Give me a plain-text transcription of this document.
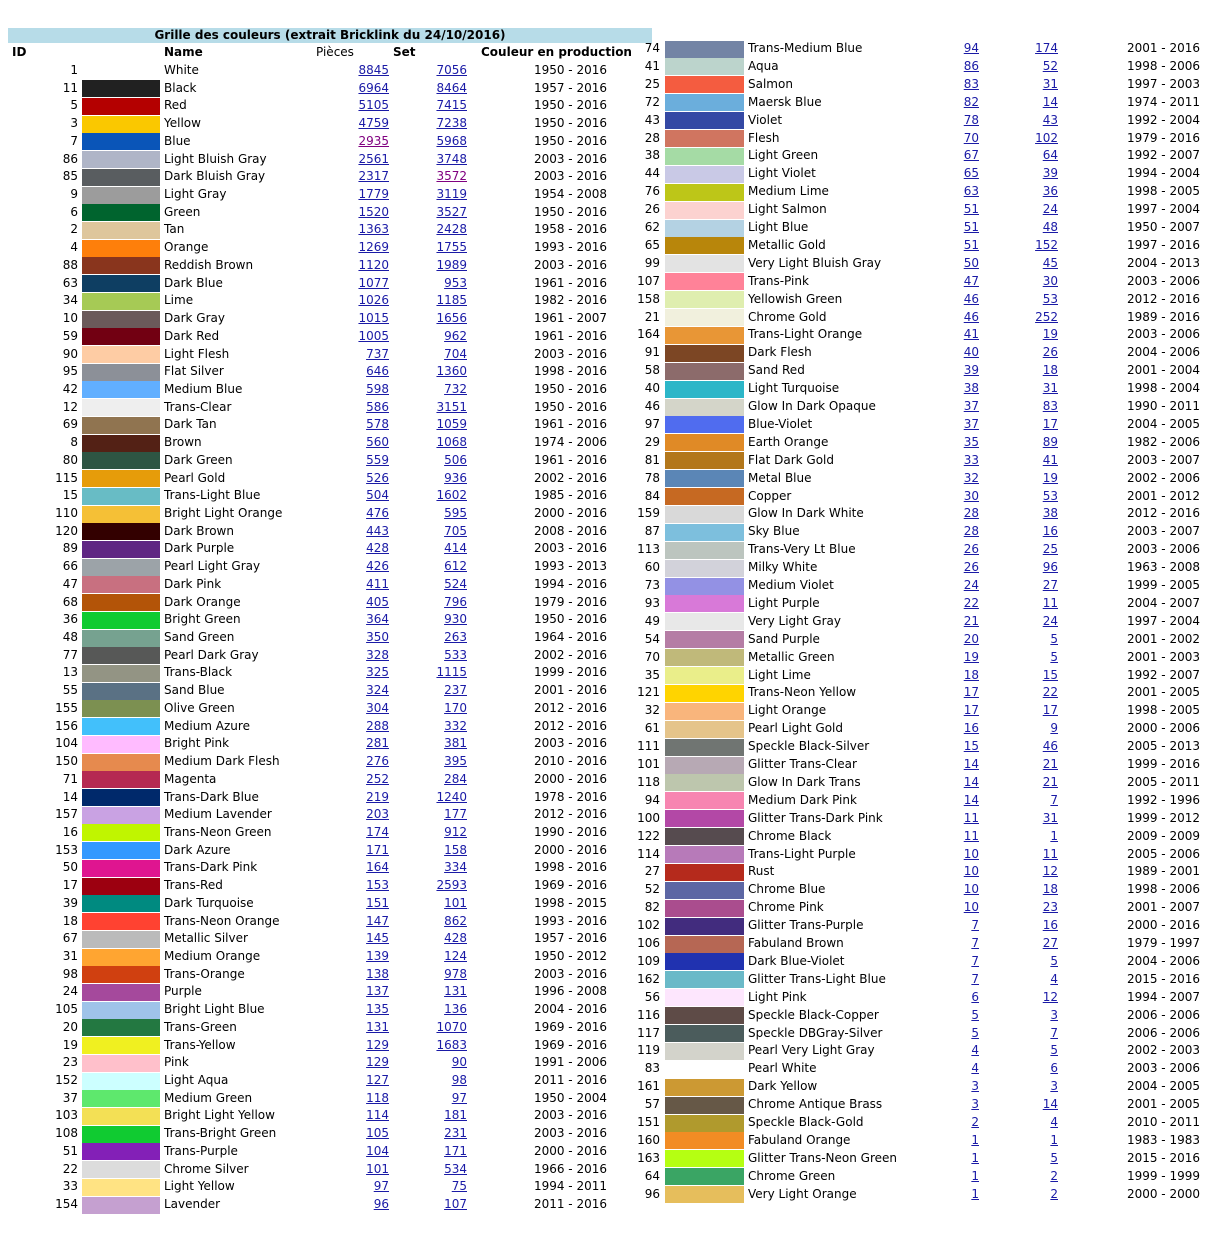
Grille des couleurs (extrait Bricklink du 24/10/2016)
ID	Name	Pièces	Set	Couleur en production
1	White	8845	7056	1950 - 2016
11	Black	6964	8464	1957 - 2016
5	Red	5105	7415	1950 - 2016
3	Yellow	4759	7238	1950 - 2016
7	Blue	2935	5968	1950 - 2016
86	Light Bluish Gray	2561	3748	2003 - 2016
85	Dark Bluish Gray	2317	3572	2003 - 2016
9	Light Gray	1779	3119	1954 - 2008
6	Green	1520	3527	1950 - 2016
2	Tan	1363	2428	1958 - 2016
4	Orange	1269	1755	1993 - 2016
88	Reddish Brown	1120	1989	2003 - 2016
63	Dark Blue	1077	953	1961 - 2016
34	Lime	1026	1185	1982 - 2016
10	Dark Gray	1015	1656	1961 - 2007
59	Dark Red	1005	962	1961 - 2016
90	Light Flesh	737	704	2003 - 2016
95	Flat Silver	646	1360	1998 - 2016
42	Medium Blue	598	732	1950 - 2016
12	Trans-Clear	586	3151	1950 - 2016
69	Dark Tan	578	1059	1961 - 2016
8	Brown	560	1068	1974 - 2006
80	Dark Green	559	506	1961 - 2016
115	Pearl Gold	526	936	2002 - 2016
15	Trans-Light Blue	504	1602	1985 - 2016
110	Bright Light Orange	476	595	2000 - 2016
120	Dark Brown	443	705	2008 - 2016
89	Dark Purple	428	414	2003 - 2016
66	Pearl Light Gray	426	612	1993 - 2013
47	Dark Pink	411	524	1994 - 2016
68	Dark Orange	405	796	1979 - 2016
36	Bright Green	364	930	1950 - 2016
48	Sand Green	350	263	1964 - 2016
77	Pearl Dark Gray	328	533	2002 - 2016
13	Trans-Black	325	1115	1999 - 2016
55	Sand Blue	324	237	2001 - 2016
155	Olive Green	304	170	2012 - 2016
156	Medium Azure	288	332	2012 - 2016
104	Bright Pink	281	381	2003 - 2016
150	Medium Dark Flesh	276	395	2010 - 2016
71	Magenta	252	284	2000 - 2016
14	Trans-Dark Blue	219	1240	1978 - 2016
157	Medium Lavender	203	177	2012 - 2016
16	Trans-Neon Green	174	912	1990 - 2016
153	Dark Azure	171	158	2000 - 2016
50	Trans-Dark Pink	164	334	1998 - 2016
17	Trans-Red	153	2593	1969 - 2016
39	Dark Turquoise	151	101	1998 - 2015
18	Trans-Neon Orange	147	862	1993 - 2016
67	Metallic Silver	145	428	1957 - 2016
31	Medium Orange	139	124	1950 - 2012
98	Trans-Orange	138	978	2003 - 2016
24	Purple	137	131	1996 - 2008
105	Bright Light Blue	135	136	2004 - 2016
20	Trans-Green	131	1070	1969 - 2016
19	Trans-Yellow	129	1683	1969 - 2016
23	Pink	129	90	1991 - 2006
152	Light Aqua	127	98	2011 - 2016
37	Medium Green	118	97	1950 - 2004
103	Bright Light Yellow	114	181	2003 - 2016
108	Trans-Bright Green	105	231	2003 - 2016
51	Trans-Purple	104	171	2000 - 2016
22	Chrome Silver	101	534	1966 - 2016
33	Light Yellow	97	75	1994 - 2011
154	Lavender	96	107	2011 - 2016
74	Trans-Medium Blue	94	174	2001 - 2016
41	Aqua	86	52	1998 - 2006
25	Salmon	83	31	1997 - 2003
72	Maersk Blue	82	14	1974 - 2011
43	Violet	78	43	1992 - 2004
28	Flesh	70	102	1979 - 2016
38	Light Green	67	64	1992 - 2007
44	Light Violet	65	39	1994 - 2004
76	Medium Lime	63	36	1998 - 2005
26	Light Salmon	51	24	1997 - 2004
62	Light Blue	51	48	1950 - 2007
65	Metallic Gold	51	152	1997 - 2016
99	Very Light Bluish Gray	50	45	2004 - 2013
107	Trans-Pink	47	30	2003 - 2006
158	Yellowish Green	46	53	2012 - 2016
21	Chrome Gold	46	252	1989 - 2016
164	Trans-Light Orange	41	19	2003 - 2006
91	Dark Flesh	40	26	2004 - 2006
58	Sand Red	39	18	2001 - 2004
40	Light Turquoise	38	31	1998 - 2004
46	Glow In Dark Opaque	37	83	1990 - 2011
97	Blue-Violet	37	17	2004 - 2005
29	Earth Orange	35	89	1982 - 2006
81	Flat Dark Gold	33	41	2003 - 2007
78	Metal Blue	32	19	2002 - 2006
84	Copper	30	53	2001 - 2012
159	Glow In Dark White	28	38	2012 - 2016
87	Sky Blue	28	16	2003 - 2007
113	Trans-Very Lt Blue	26	25	2003 - 2006
60	Milky White	26	96	1963 - 2008
73	Medium Violet	24	27	1999 - 2005
93	Light Purple	22	11	2004 - 2007
49	Very Light Gray	21	24	1997 - 2004
54	Sand Purple	20	5	2001 - 2002
70	Metallic Green	19	5	2001 - 2003
35	Light Lime	18	15	1992 - 2007
121	Trans-Neon Yellow	17	22	2001 - 2005
32	Light Orange	17	17	1998 - 2005
61	Pearl Light Gold	16	9	2000 - 2006
111	Speckle Black-Silver	15	46	2005 - 2013
101	Glitter Trans-Clear	14	21	1999 - 2016
118	Glow In Dark Trans	14	21	2005 - 2011
94	Medium Dark Pink	14	7	1992 - 1996
100	Glitter Trans-Dark Pink	11	31	1999 - 2012
122	Chrome Black	11	1	2009 - 2009
114	Trans-Light Purple	10	11	2005 - 2006
27	Rust	10	12	1989 - 2001
52	Chrome Blue	10	18	1998 - 2006
82	Chrome Pink	10	23	2001 - 2007
102	Glitter Trans-Purple	7	16	2000 - 2016
106	Fabuland Brown	7	27	1979 - 1997
109	Dark Blue-Violet	7	5	2004 - 2006
162	Glitter Trans-Light Blue	7	4	2015 - 2016
56	Light Pink	6	12	1994 - 2007
116	Speckle Black-Copper	5	3	2006 - 2006
117	Speckle DBGray-Silver	5	7	2006 - 2006
119	Pearl Very Light Gray	4	5	2002 - 2003
83	Pearl White	4	6	2003 - 2006
161	Dark Yellow	3	3	2004 - 2005
57	Chrome Antique Brass	3	14	2001 - 2005
151	Speckle Black-Gold	2	4	2010 - 2011
160	Fabuland Orange	1	1	1983 - 1983
163	Glitter Trans-Neon Green	1	5	2015 - 2016
64	Chrome Green	1	2	1999 - 1999
96	Very Light Orange	1	2	2000 - 2000
